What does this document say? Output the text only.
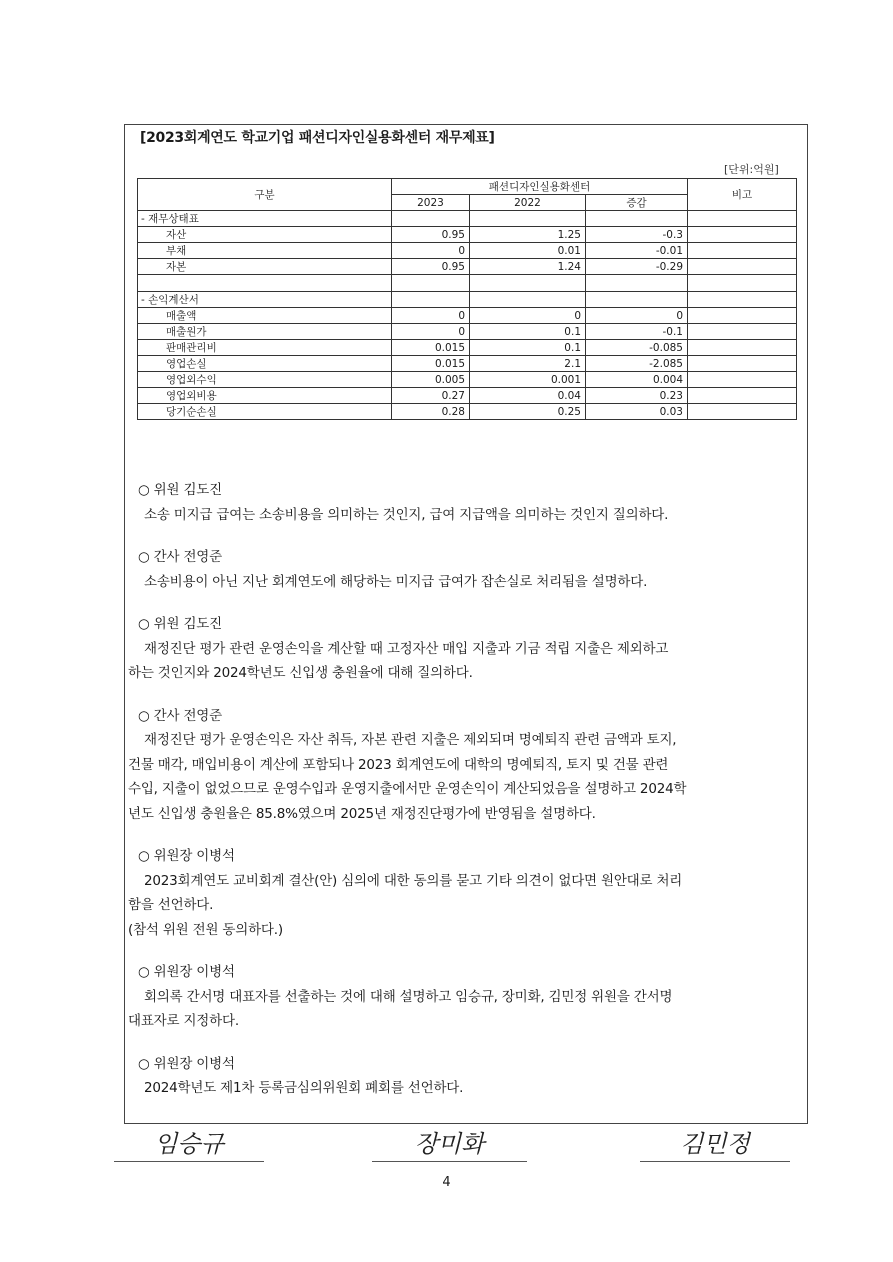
[2023회계연도 학교기업 패션디자인실용화센터 재무제표]
[단위:억원]
구분	패션디자인실용화센터			비고
	2023	2022	증감	
- 재무상태표				
자산	0.95	1.25	-0.3	
부채	0	0.01	-0.01	
자본	0.95	1.24	-0.29	

- 손익계산서				
매출액	0	0	0	
매출원가	0	0.1	-0.1	
판매관리비	0.015	0.1	-0.085	
영업손실	0.015	2.1	-2.085	
영업외수익	0.005	0.001	0.004	
영업외비용	0.27	0.04	0.23	
당기순손실	0.28	0.25	0.03	

○ 위원 김도진

소송 미지급 급여는 소송비용을 의미하는 것인지, 급여 지급액을 의미하는 것인지 질의하다.

○ 간사 전영준

소송비용이 아닌 지난 회계연도에 해당하는 미지급 급여가 잡손실로 처리됨을 설명하다.

○ 위원 김도진

재정진단 평가 관련 운영손익을 계산할 때 고정자산 매입 지출과 기금 적립 지출은 제외하고

하는 것인지와 2024학년도 신입생 충원율에 대해 질의하다.

○ 간사 전영준

재정진단 평가 운영손익은 자산 취득, 자본 관련 지출은 제외되며 명예퇴직 관련 금액과 토지,

건물 매각, 매입비용이 계산에 포함되나 2023 회계연도에 대학의 명예퇴직, 토지 및 건물 관련

수입, 지출이 없었으므로 운영수입과 운영지출에서만 운영손익이 계산되었음을 설명하고 2024학

년도 신입생 충원율은 85.8%였으며 2025년 재정진단평가에 반영됨을 설명하다.

○ 위원장 이병석

2023회계연도 교비회계 결산(안) 심의에 대한 동의를 묻고 기타 의견이 없다면 원안대로 처리

함을 선언하다.

(참석 위원 전원 동의하다.)

○ 위원장 이병석

회의록 간서명 대표자를 선출하는 것에 대해 설명하고 임승규, 장미화, 김민정 위원을 간서명

대표자로 지정하다.

○ 위원장 이병석

2024학년도 제1차 등록금심의위원회 폐회를 선언하다.

임승규	장미화	김민정
4
